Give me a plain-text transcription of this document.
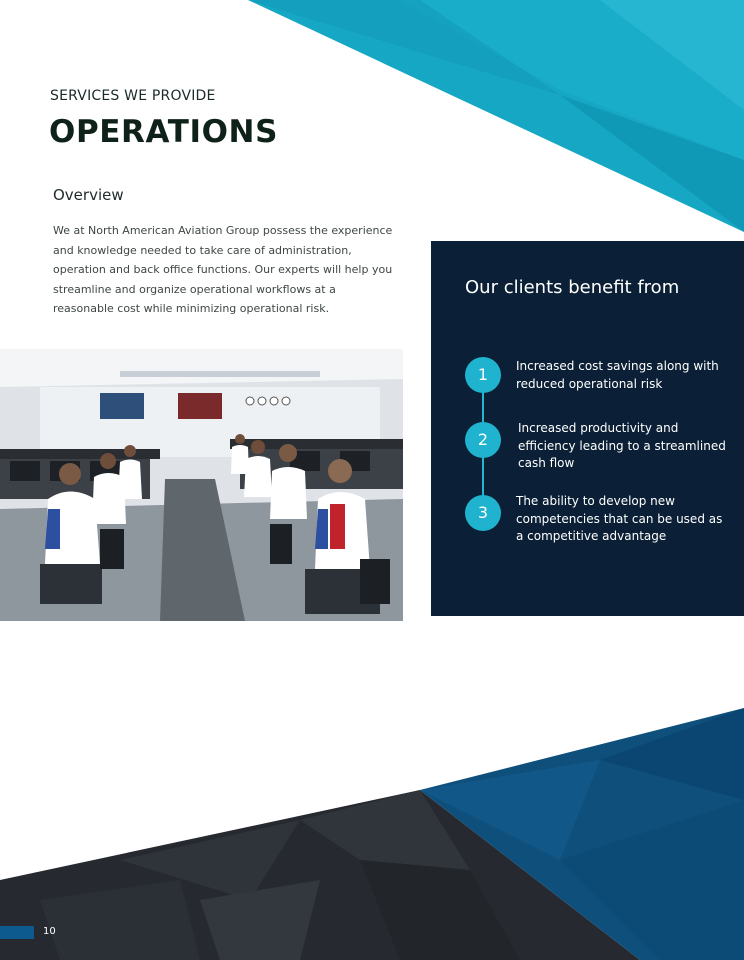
SERVICES WE PROVIDE
OPERATIONS
Overview
We at North American Aviation Group possess the experience and knowledge needed to take care of administration, operation and back office functions. Our experts will help you streamline and organize operational workflows at a reasonable cost while minimizing operational risk.
Our clients benefit from
1	Increased cost savings along with reduced operational risk
2
Increased productivity and efficiency leading to a streamlined cash flow
3
The ability to develop new competencies that can be used as a competitive advantage
10
